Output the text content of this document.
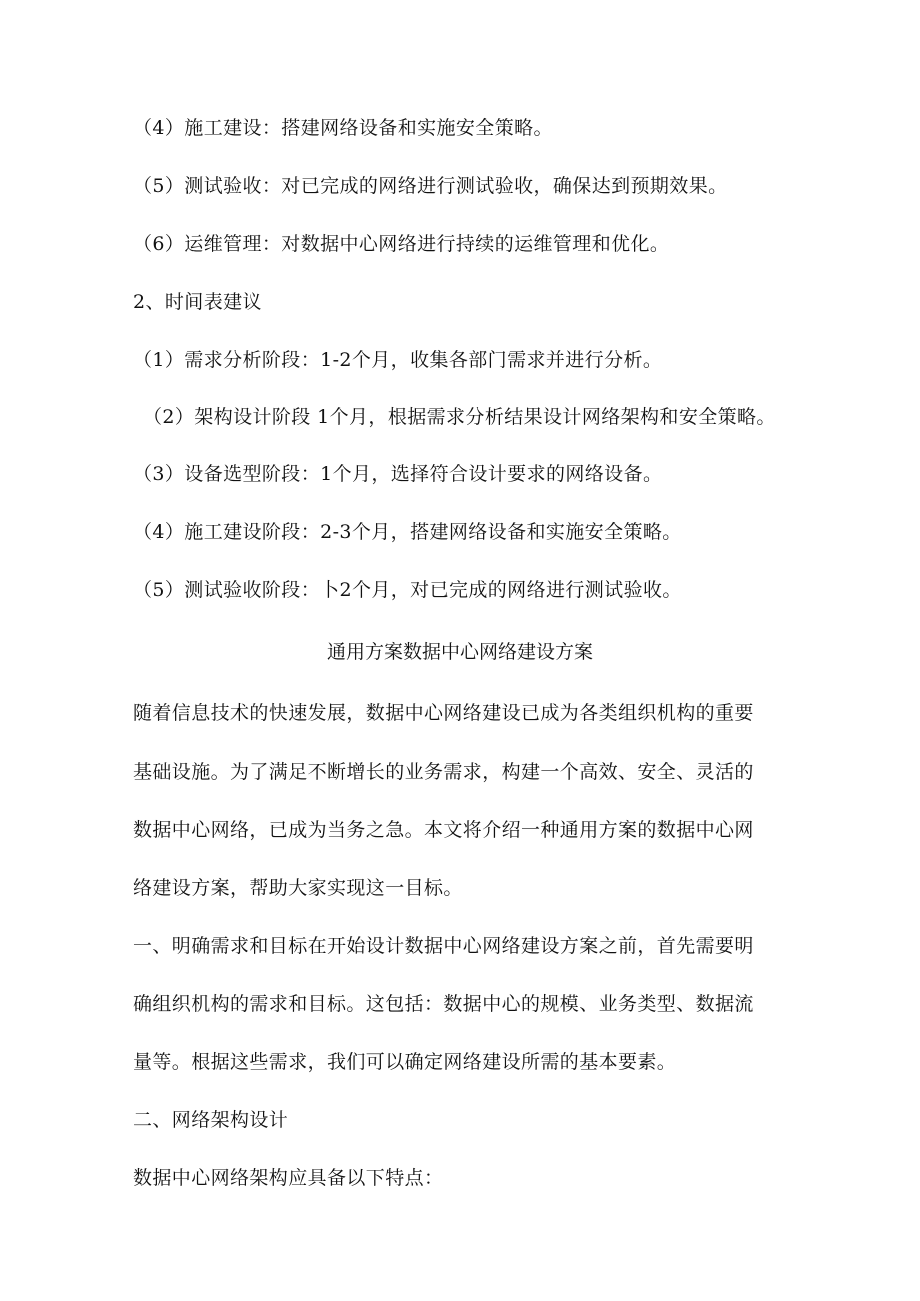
（4）施工建设：搭建网络设备和实施安全策略。
（5）测试验收：对已完成的网络进行测试验收，确保达到预期效果。
（6）运维管理：对数据中心网络进行持续的运维管理和优化。
2、时间表建议
（1）需求分析阶段：1-2个月，收集各部门需求并进行分析。
（2）架构设计阶段 1个月，根据需求分析结果设计网络架构和安全策略。
（3）设备选型阶段：1个月，选择符合设计要求的网络设备。
（4）施工建设阶段：2-3个月，搭建网络设备和实施安全策略。
（5）测试验收阶段：卜2个月，对已完成的网络进行测试验收。
通用方案数据中心网络建设方案
随着信息技术的快速发展，数据中心网络建设已成为各类组织机构的重要
基础设施。为了满足不断增长的业务需求，构建一个高效、安全、灵活的
数据中心网络，已成为当务之急。本文将介绍一种通用方案的数据中心网
络建设方案，帮助大家实现这一目标。
一、明确需求和目标在开始设计数据中心网络建设方案之前，首先需要明
确组织机构的需求和目标。这包括：数据中心的规模、业务类型、数据流
量等。根据这些需求，我们可以确定网络建设所需的基本要素。
二、网络架构设计
数据中心网络架构应具备以下特点：
